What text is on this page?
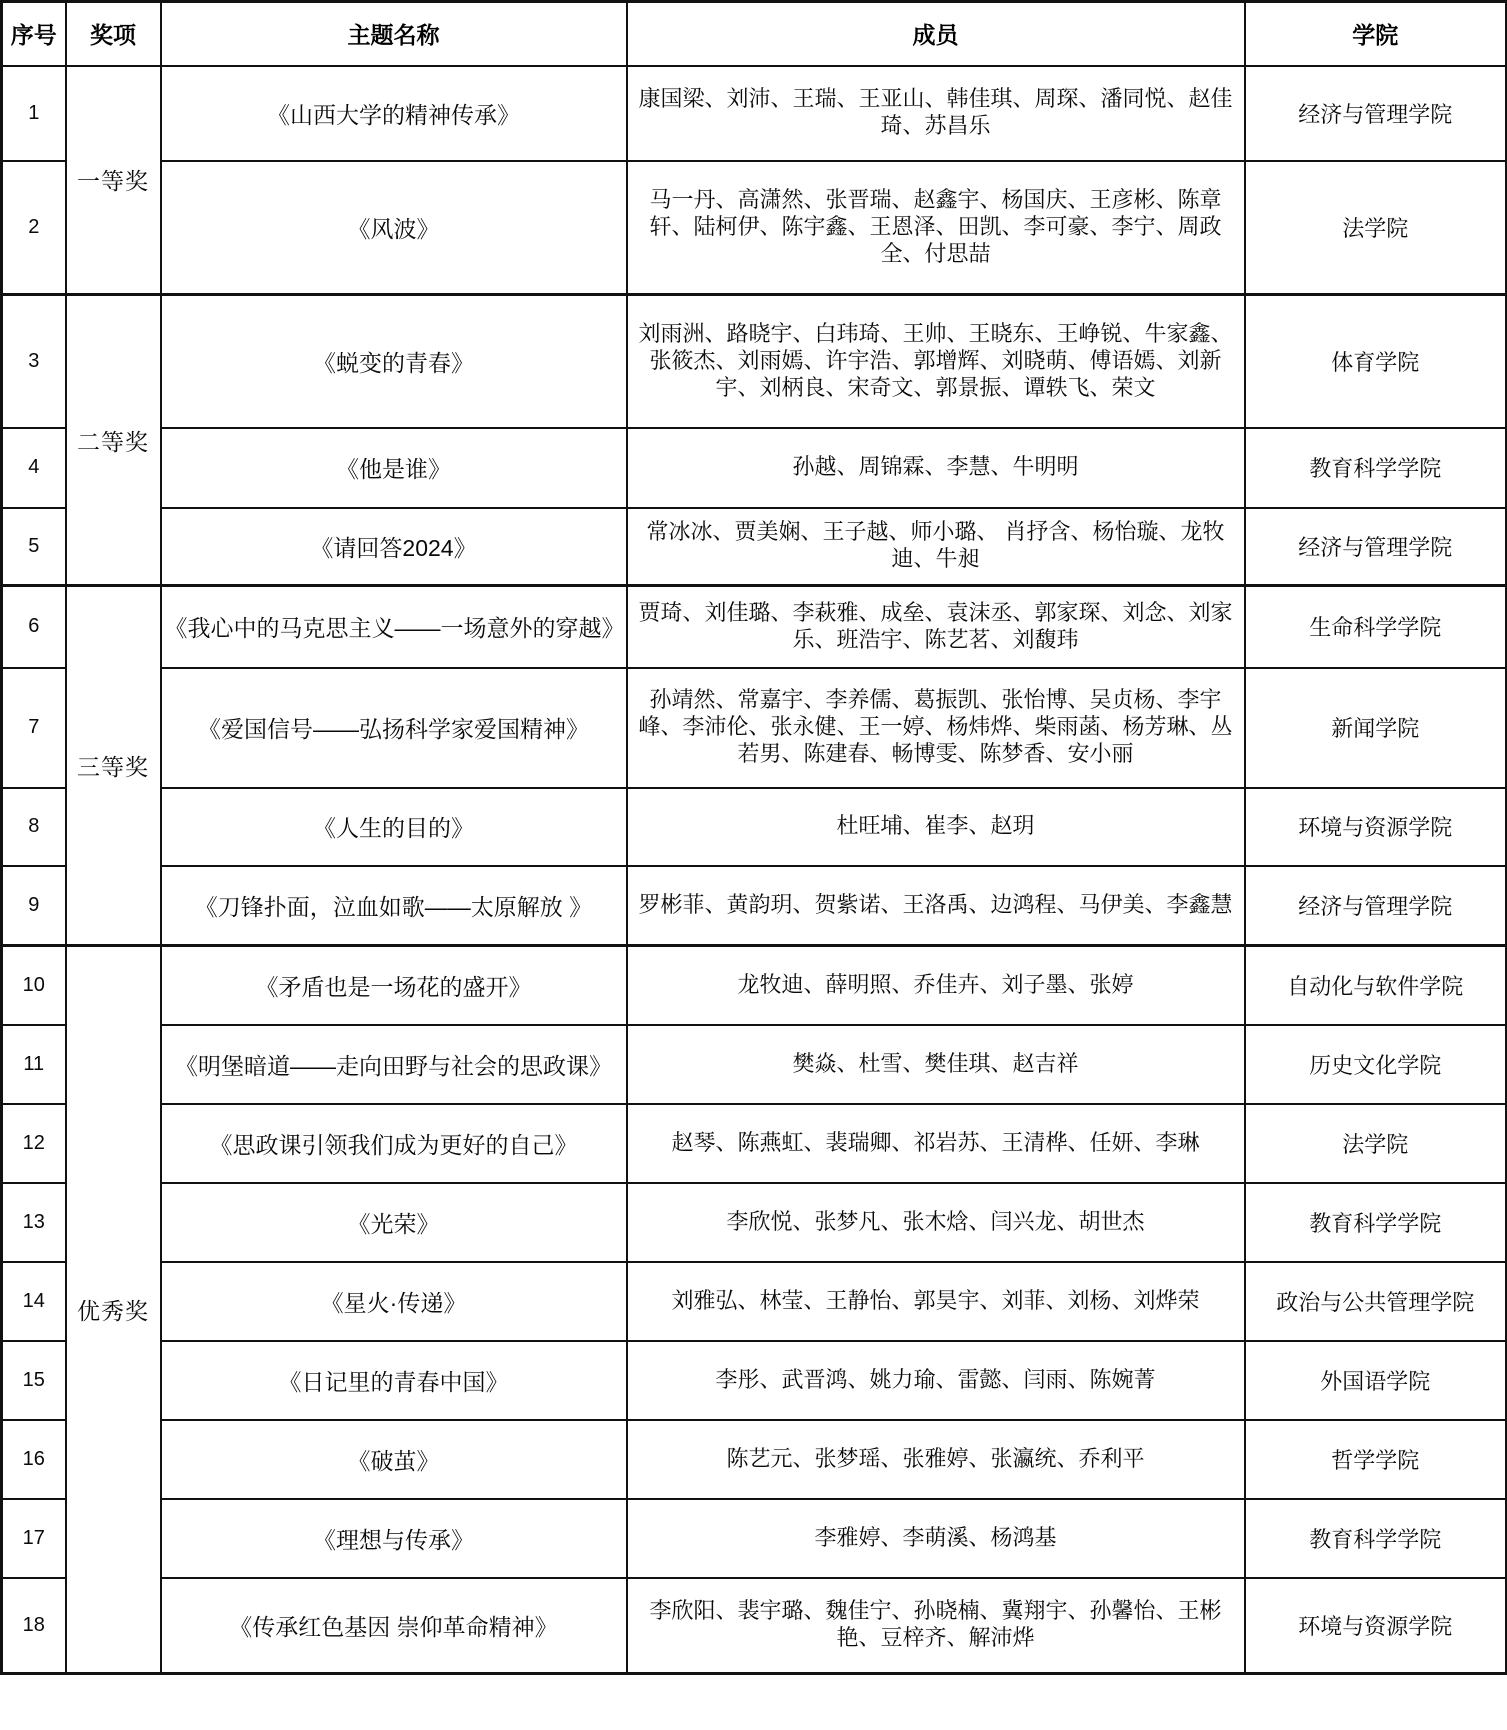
序号	奖项	主题名称	成员	学院
1	一等奖	《山西大学的精神传承》	康国梁、刘沛、王瑞、王亚山、韩佳琪、周琛、潘同悦、赵佳琦、苏昌乐	经济与管理学院
2		《风波》	马一丹、高潇然、张晋瑞、赵鑫宇、杨国庆、王彦彬、陈章轩、陆柯伊、陈宇鑫、王恩泽、田凯、李可豪、李宁、周政全、付思喆	法学院
3	二等奖	《蜕变的青春》	刘雨洲、路晓宇、白玮琦、王帅、王晓东、王峥锐、牛家鑫、张筱杰、刘雨嫣、许宇浩、郭增辉、刘晓萌、傅语嫣、刘新宇、刘柄良、宋奇文、郭景振、谭轶飞、荣文	体育学院
4		《他是谁》	孙越、周锦霖、李慧、牛明明	教育科学学院
5		《请回答2024》	常冰冰、贾美娴、王子越、师小璐、 肖抒含、杨怡璇、龙牧迪、牛昶	经济与管理学院
6	三等奖	《我心中的马克思主义——一场意外的穿越》	贾琦、刘佳璐、李萩雅、成垒、袁沫丞、郭家琛、刘念、刘家乐、班浩宇、陈艺茗、刘馥玮	生命科学学院
7		《爱国信号——弘扬科学家爱国精神》	孙靖然、常嘉宇、李养儒、葛振凯、张怡博、吴贞杨、李宇峰、李沛伦、张永健、王一婷、杨炜烨、柴雨菡、杨芳琳、丛若男、陈建春、畅博雯、陈梦香、安小丽	新闻学院
8		《人生的目的》	杜旺埔、崔李、赵玥	环境与资源学院
9		《刀锋扑面，泣血如歌——太原解放 》	罗彬菲、黄韵玥、贺紫诺、王洛禹、边鸿程、马伊美、李鑫慧	经济与管理学院
10	优秀奖	《矛盾也是一场花的盛开》	龙牧迪、薛明照、乔佳卉、刘子墨、张婷	自动化与软件学院
11		《明堡暗道——走向田野与社会的思政课》	樊焱、杜雪、樊佳琪、赵吉祥	历史文化学院
12		《思政课引领我们成为更好的自己》	赵琴、陈燕虹、裴瑞卿、祁岩苏、王清桦、任妍、李琳	法学院
13		《光荣》	李欣悦、张梦凡、张木焓、闫兴龙、胡世杰	教育科学学院
14		《星火·传递》	刘雅弘、林莹、王静怡、郭昊宇、刘菲、刘杨、刘烨荣	政治与公共管理学院
15		《日记里的青春中国》	李彤、武晋鸿、姚力瑜、雷懿、闫雨、陈婉菁	外国语学院
16		《破茧》	陈艺元、张梦瑶、张雅婷、张瀛统、乔利平	哲学学院
17		《理想与传承》	李雅婷、李萌溪、杨鸿基	教育科学学院
18		《传承红色基因 崇仰革命精神》	李欣阳、裴宇璐、魏佳宁、孙晓楠、冀翔宇、孙馨怡、王彬艳、豆梓齐、解沛烨	环境与资源学院
